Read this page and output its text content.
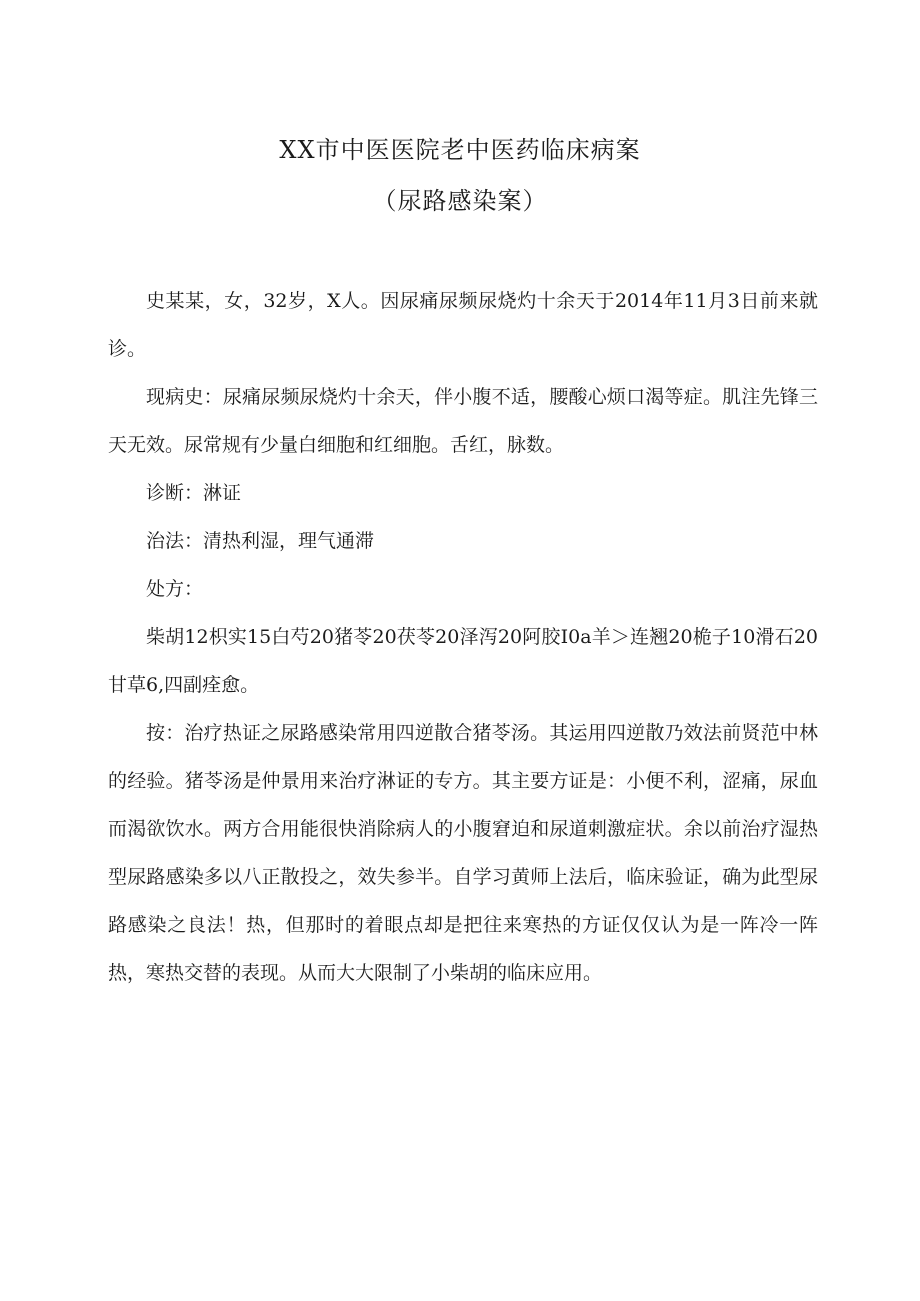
XX市中医医院老中医药临床病案
（尿路感染案）

史某某，女，32岁，X人。因尿痛尿频尿烧灼十余天于2014年11月3日前来就诊。

现病史：尿痛尿频尿烧灼十余天，伴小腹不适，腰酸心烦口渴等症。肌注先锋三天无效。尿常规有少量白细胞和红细胞。舌红，脉数。

诊断：淋证

治法：清热利湿，理气通滞

处方：

柴胡12枳实15白芍20猪苓20茯苓20泽泻20阿胶I0a羊＞连翘20桅子10滑石20甘草6,四副痊愈。

按：治疗热证之尿路感染常用四逆散合猪苓汤。其运用四逆散乃效法前贤范中林的经验。猪苓汤是仲景用来治疗淋证的专方。其主要方证是：小便不利，涩痛，尿血而渴欲饮水。两方合用能很快消除病人的小腹窘迫和尿道刺激症状。余以前治疗湿热型尿路感染多以八正散投之，效失参半。自学习黄师上法后，临床验证，确为此型尿路感染之良法！热，但那时的着眼点却是把往来寒热的方证仅仅认为是一阵冷一阵热，寒热交替的表现。从而大大限制了小柴胡的临床应用。
